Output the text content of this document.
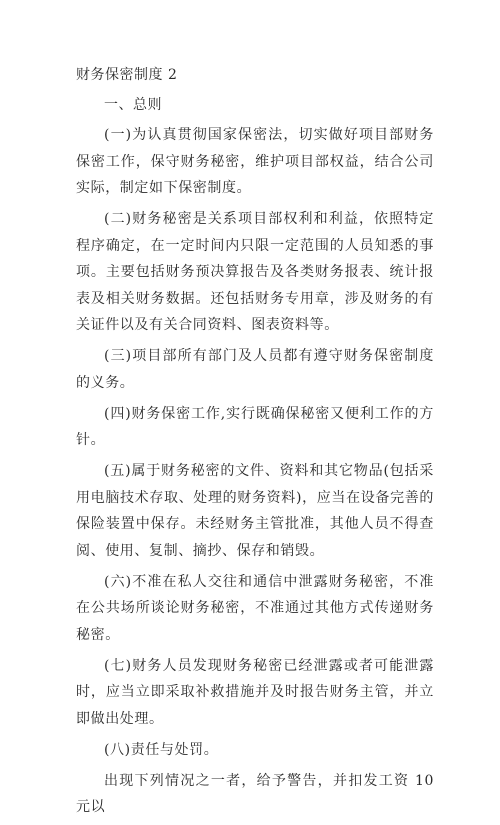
财务保密制度 2
一、总则

(一)为认真贯彻国家保密法，切实做好项目部财务保密工作，保守财务秘密，维护项目部权益，结合公司实际，制定如下保密制度。

(二)财务秘密是关系项目部权利和利益，依照特定程序确定，在一定时间内只限一定范围的人员知悉的事项。主要包括财务预决算报告及各类财务报表、统计报表及相关财务数据。还包括财务专用章，涉及财务的有关证件以及有关合同资料、图表资料等。

(三)项目部所有部门及人员都有遵守财务保密制度的义务。

(四)财务保密工作,实行既确保秘密又便利工作的方针。

(五)属于财务秘密的文件、资料和其它物品(包括采用电脑技术存取、处理的财务资料)，应当在设备完善的保险装置中保存。未经财务主管批准，其他人员不得查阅、使用、复制、摘抄、保存和销毁。

(六)不准在私人交往和通信中泄露财务秘密，不准在公共场所谈论财务秘密，不准通过其他方式传递财务秘密。

(七)财务人员发现财务秘密已经泄露或者可能泄露时，应当立即采取补救措施并及时报告财务主管，并立即做出处理。

(八)责任与处罚。

出现下列情况之一者，给予警告，并扣发工资 10 元以
